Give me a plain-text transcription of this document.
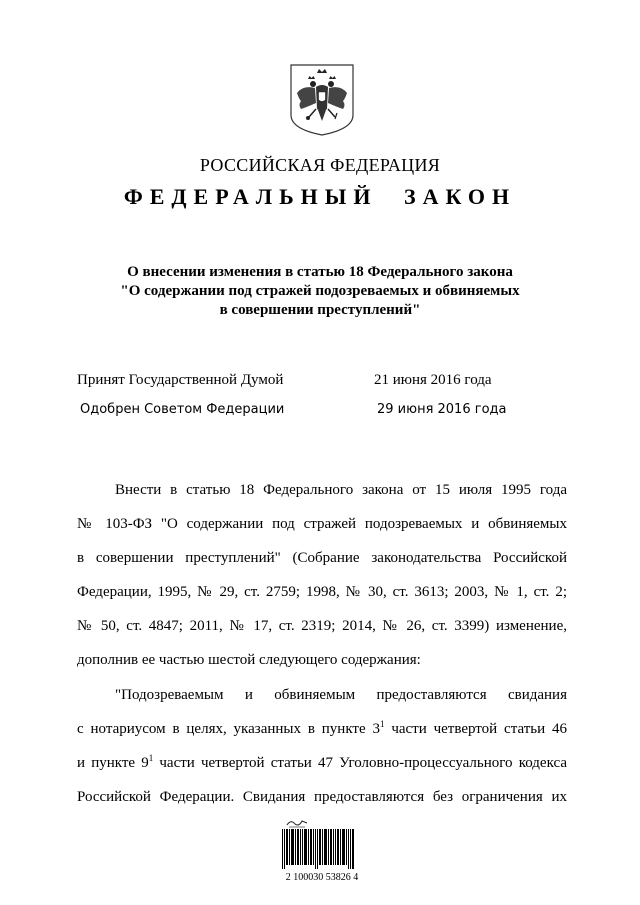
РОССИЙСКАЯ ФЕДЕРАЦИЯ
ФЕДЕРАЛЬНЫЙ ЗАКОН
О внесении изменения в статью 18 Федерального закона
"О содержании под стражей подозреваемых и обвиняемых
в совершении преступлений"
Принят Государственной Думой	21 июня 2016 года
Одобрен Советом Федерации	29 июня 2016 года
Внести в статью 18 Федерального закона от 15 июля 1995 года
№ 103-ФЗ "О содержании под стражей подозреваемых и обвиняемых
в совершении преступлений" (Собрание законодательства Российской
Федерации, 1995, № 29, ст. 2759; 1998, № 30, ст. 3613; 2003, № 1, ст. 2;
№ 50, ст. 4847; 2011, № 17, ст. 2319; 2014, № 26, ст. 3399) изменение,
дополнив ее частью шестой следующего содержания:
"Подозреваемым и обвиняемым предоставляются свидания
с нотариусом в целях, указанных в пункте $3^1$ части четвертой статьи 46
и пункте $9^1$ части четвертой статьи 47 Уголовно-процессуального кодекса
Российской Федерации. Свидания предоставляются без ограничения их
2 100030 53826 4
